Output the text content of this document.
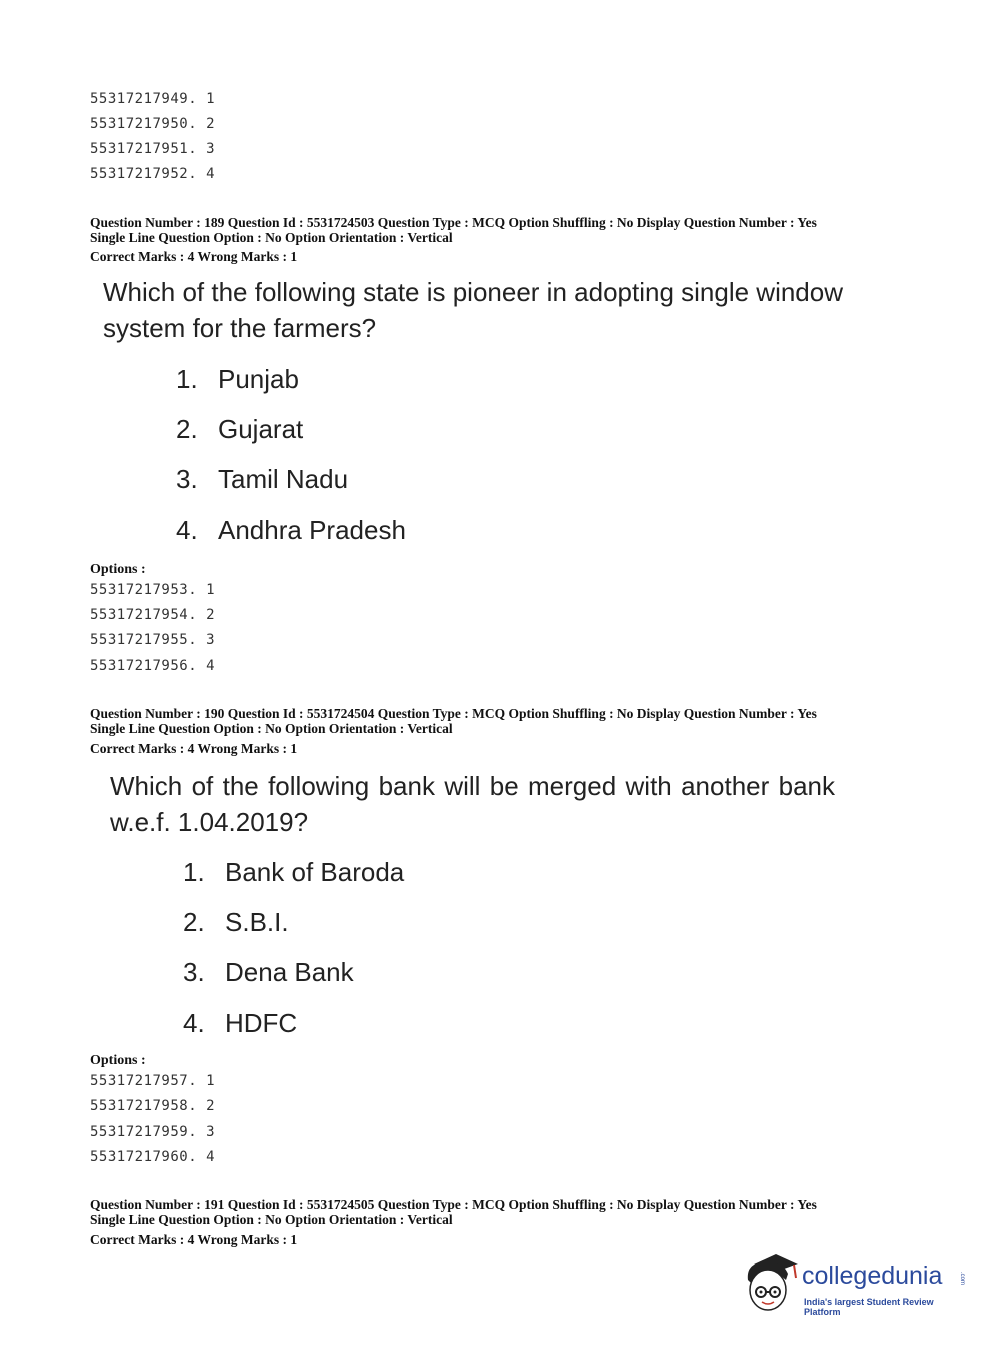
55317217949. 1
55317217950. 2
55317217951. 3
55317217952. 4
Question Number : 189 Question Id : 5531724503 Question Type : MCQ Option Shuffling : No Display Question Number : Yes
Single Line Question Option : No Option Orientation : Vertical
Correct Marks : 4 Wrong Marks : 1
Which of the following state is pioneer in adopting single window system for the farmers?
1. Punjab
2. Gujarat
3. Tamil Nadu
4. Andhra Pradesh
Options :
55317217953. 1
55317217954. 2
55317217955. 3
55317217956. 4
Question Number : 190 Question Id : 5531724504 Question Type : MCQ Option Shuffling : No Display Question Number : Yes
Single Line Question Option : No Option Orientation : Vertical
Correct Marks : 4 Wrong Marks : 1
Which of the following bank will be merged with another bank w.e.f. 1.04.2019?
1. Bank of Baroda
2. S.B.I.
3. Dena Bank
4. HDFC
Options :
55317217957. 1
55317217958. 2
55317217959. 3
55317217960. 4
Question Number : 191 Question Id : 5531724505 Question Type : MCQ Option Shuffling : No Display Question Number : Yes
Single Line Question Option : No Option Orientation : Vertical
Correct Marks : 4 Wrong Marks : 1
collegedunia	.com
India's largest Student Review Platform
